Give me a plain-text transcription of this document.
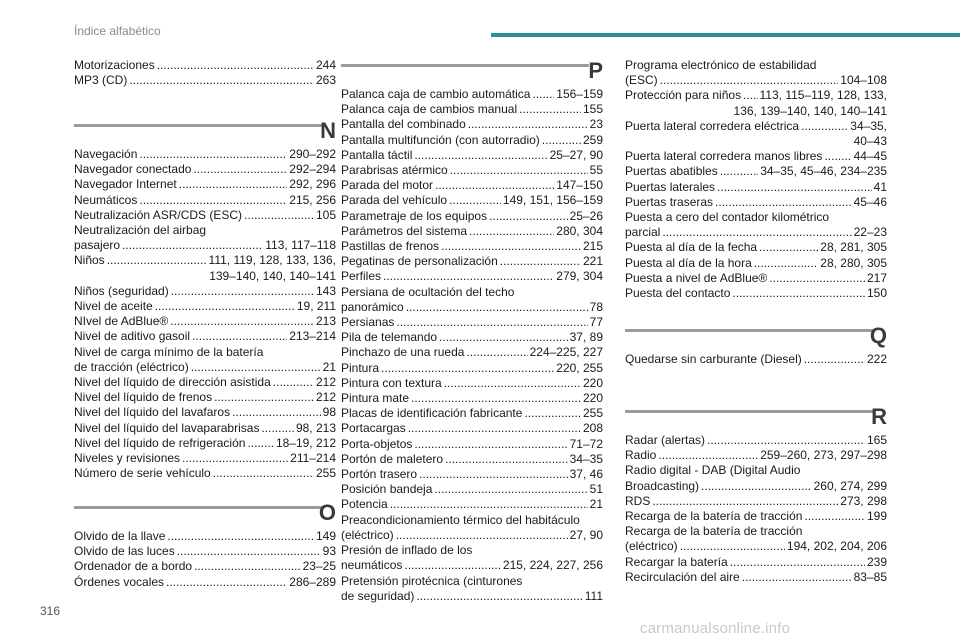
Índice alfabético
Motorizaciones .....	244
MP3 (CD) .....	263
N
Navegación .....	290–292
Navegador conectado .....	292–294
Navegador Internet .....	292, 296
Neumáticos .....	215, 256
Neutralización ASR/CDS (ESC) .....	105
Neutralización del airbag
pasajero .....	113, 117–118
Niños .....	111, 119, 128, 133, 136,
139–140, 140, 140–141
Niños (seguridad) .....	143
Nivel de aceite .....	19, 211
NIvel de AdBlue® .....	213
Nivel de aditivo gasoil .....	213–214
Nivel de carga mínimo de la batería
de tracción (eléctrico) .....	21
Nivel del líquido de dirección asistida .....	212
Nivel del líquido de frenos .....	212
Nivel del líquido del lavafaros .....	98
Nivel del líquido del lavaparabrisas .....	98, 213
Nivel del líquido de refrigeración .....	18–19, 212
Niveles y revisiones .....	211–214
Número de serie vehículo .....	255
O
Olvido de la llave .....	149
Olvido de las luces .....	93
Ordenador de a bordo .....	23–25
Órdenes vocales .....	286–289
P
Palanca caja de cambio automática ..... 156–159
Palanca caja de cambios manual .....	155
Pantalla del combinado .....	23
Pantalla multifunción (con autorradio) .....	259
Pantalla táctil .....	25–27, 90
Parabrisas atérmico .....	55
Parada del motor .....	147–150
Parada del vehículo .....	149, 151, 156–159
Parametraje de los equipos .....	25–26
Parámetros del sistema .....	280, 304
Pastillas de frenos .....	215
Pegatinas de personalización .....	221
Perfiles .....	279, 304
Persiana de ocultación del techo
panorámico .....	78
Persianas .....	77
Pila de telemando .....	37, 89
Pinchazo de una rueda .....	224–225, 227
Pintura .....	220, 255
Pintura con textura .....	220
Pintura mate .....	220
Placas de identificación fabricante .....	255
Portacargas .....	208
Porta-objetos .....	71–72
Portón de maletero .....	34–35
Portón trasero .....	37, 46
Posición bandeja .....	51
Potencia .....	21
Preacondicionamiento térmico del habitáculo
(eléctrico) .....	27, 90
Presión de inflado de los
neumáticos .....	215, 224, 227, 256
Pretensión pirotécnica (cinturones
de seguridad) .....	111
Programa electrónico de estabilidad
(ESC) .....	104–108
Protección para niños ..... 113, 115–119, 128, 133,
136, 139–140, 140, 140–141
Puerta lateral corredera eléctrica .....	34–35,
40–43
Puerta lateral corredera manos libres .....	44–45
Puertas abatibles .....	34–35, 45–46, 234–235
Puertas laterales .....	41
Puertas traseras .....	45–46
Puesta a cero del contador kilométrico
parcial .....	22–23
Puesta al día de la fecha .....	28, 281, 305
Puesta al día de la hora .....	28, 280, 305
Puesta a nivel de AdBlue® .....	217
Puesta del contacto .....	150
Q
Quedarse sin carburante (Diesel) .....	222
R
Radar (alertas) .....	165
Radio .....	259–260, 273, 297–298
Radio digital - DAB (Digital Audio
Broadcasting) .....	260, 274, 299
RDS .....	273, 298
Recarga de la batería de tracción .....	199
Recarga de la batería de tracción
(eléctrico) .....	194, 202, 204, 206
Recargar la batería .....	239
Recirculación del aire .....	83–85
316
carmanualsonline.info
